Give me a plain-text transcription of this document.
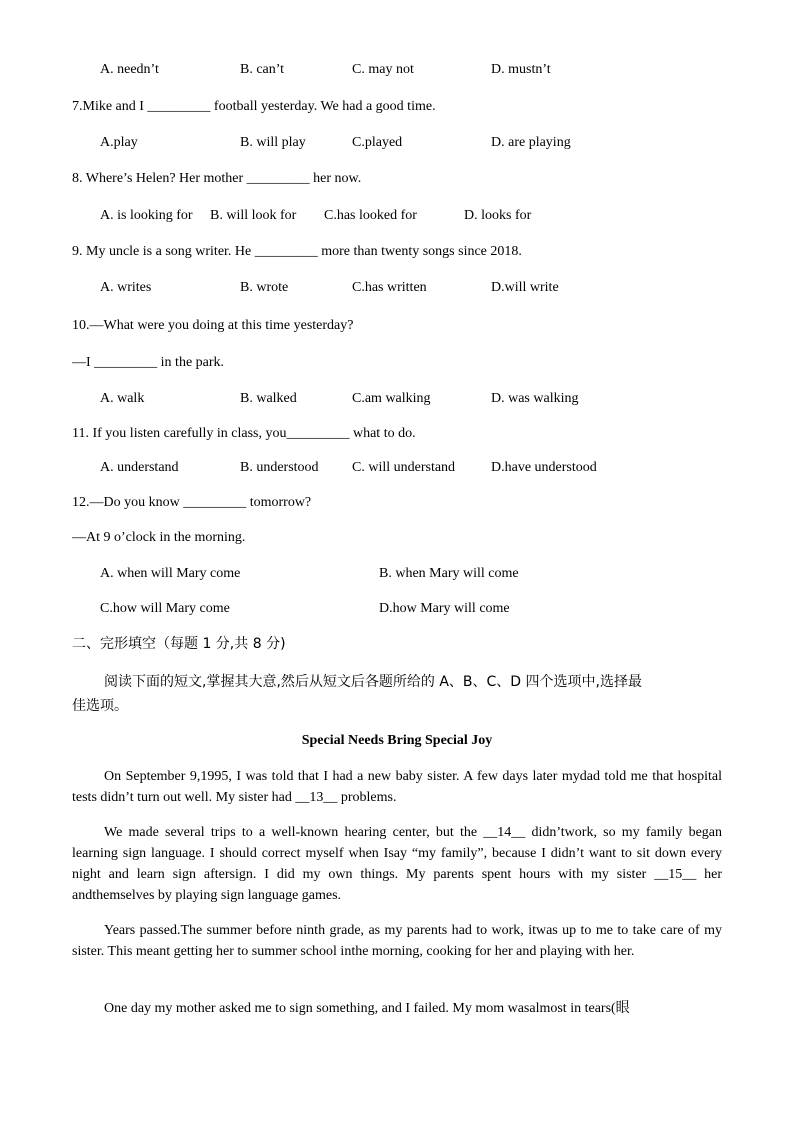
A. needn’t	B. can’t	C. may not	D. mustn’t
7.Mike and I _________ football yesterday. We had a good time.
A.play	B. will play	C.played	D. are playing
8. Where’s Helen? Her mother _________ her now.
A. is looking for B. will look for C.has looked for	D. looks for
9. My uncle is a song writer. He _________ more than twenty songs since 2018.
A. writes	B. wrote	C.has written	D.will write
10.—What were you doing at this time yesterday?
—I _________ in the park.
A. walk	B. walked	C.am walking	D. was walking
11. If you listen carefully in class, you_________ what to do.
A. understand	B. understood C. will understand	D.have understood
12.—Do you know _________ tomorrow?
—At 9 o’clock in the morning.
A. when will Mary come	B. when Mary will come
C.how will Mary come	D.how Mary will come
二、完形填空（每题 1 分,共 8 分)
阅读下面的短文,掌握其大意,然后从短文后各题所给的 A、B、C、D 四个选项中,选择最
佳选项。
Special Needs Bring Special Joy

On September 9,1995, I was told that I had a new baby sister. A few days later mydad told me that hospital tests didn’t turn out well. My sister had __13__ problems.

We made several trips to a well-known hearing center, but the __14__ didn’twork, so my family began learning sign language. I should correct myself when Isay “my family”, because I didn’t want to sit down every night and learn sign aftersign. I did my own things. My parents spent hours with my sister __15__ her andthemselves by playing sign language games.

Years passed.The summer before ninth grade, as my parents had to work, itwas up to me to take care of my sister. This meant getting her to summer school inthe morning, cooking for her and playing with her.

One day my mother asked me to sign something, and I failed. My mom wasalmost in tears(眼
